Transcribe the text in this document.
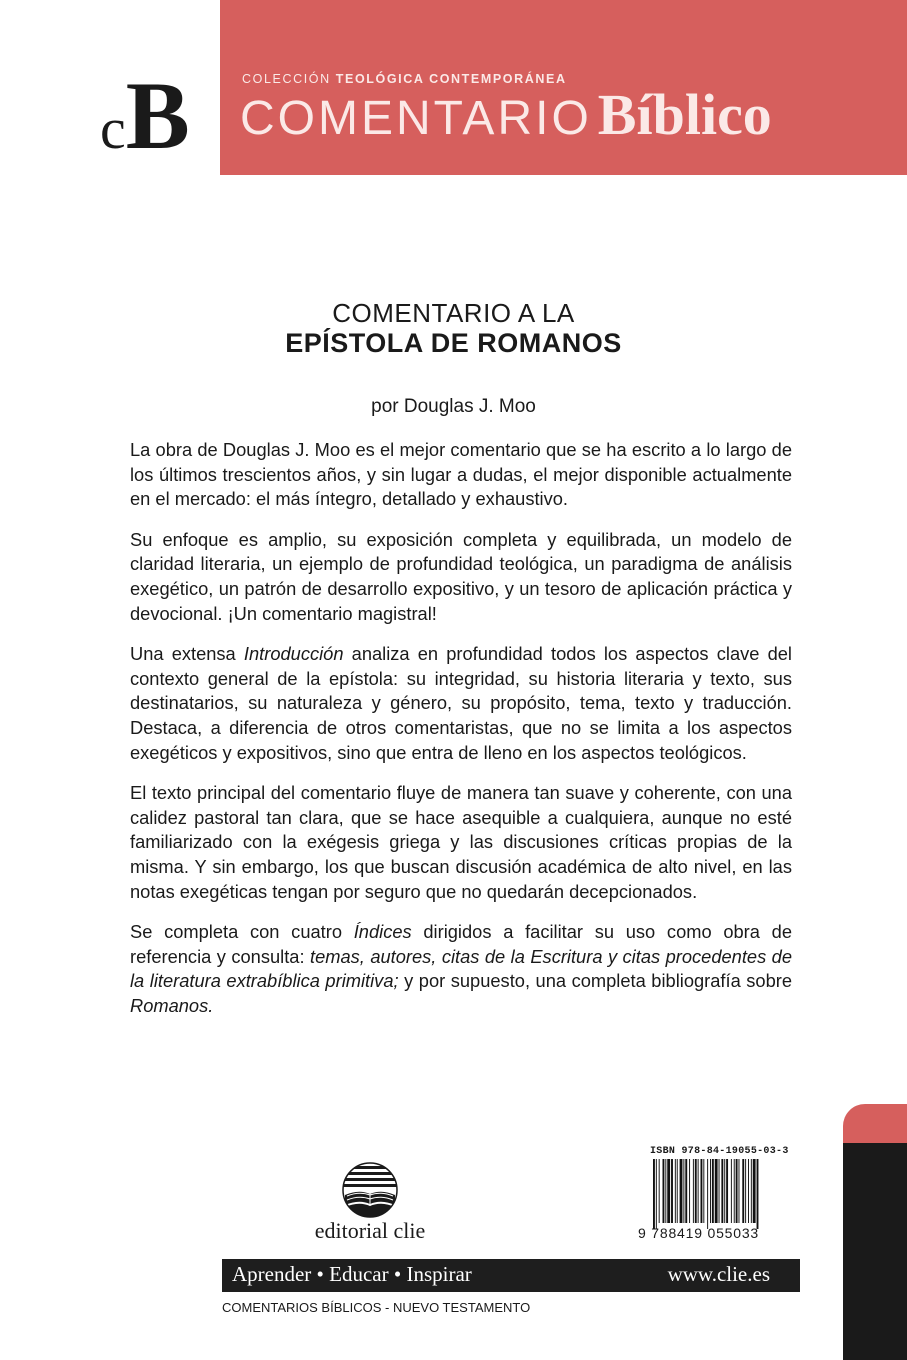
cB	COLECCIÓN TEOLÓGICA CONTEMPORÁNEA
COMENTARIO Bíblico
COMENTARIO A LA
EPÍSTOLA DE ROMANOS
por Douglas J. Moo

La obra de Douglas J. Moo es el mejor comentario que se ha escrito a lo largo de los últimos trescientos años, y sin lugar a dudas, el mejor disponible actualmente en el mercado: el más íntegro, detallado y exhaustivo.

Su enfoque es amplio, su exposición completa y equilibrada, un modelo de claridad literaria, un ejemplo de profundidad teológica, un paradigma de análisis exegético, un patrón de desarrollo expositivo, y un tesoro de aplicación práctica y devocional. ¡Un comentario magistral!

Una extensa Introducción analiza en profundidad todos los aspectos clave del contexto general de la epístola: su integridad, su historia literaria y texto, sus destinatarios, su naturaleza y género, su propósito, tema, texto y traducción. Destaca, a diferencia de otros comentaristas, que no se limita a los aspectos exegéticos y expositivos, sino que entra de lleno en los aspectos teológicos.

El texto principal del comentario fluye de manera tan suave y coherente, con una calidez pastoral tan clara, que se hace asequible a cualquiera, aunque no esté familiarizado con la exégesis griega y las discusiones críticas propias de la misma. Y sin embargo, los que buscan discusión académica de alto nivel, en las notas exegéticas tengan por seguro que no quedarán decepcionados.

Se completa con cuatro Índices dirigidos a facilitar su uso como obra de referencia y consulta: temas, autores, citas de la Escritura y citas procedentes de la literatura extrabíblica primitiva; y por supuesto, una completa bibliografía sobre Romanos.

editorial clie
ISBN 978-84-19055-03-3
9 788419 055033
Aprender • Educar • Inspirar	www.clie.es
COMENTARIOS BÍBLICOS - NUEVO TESTAMENTO
